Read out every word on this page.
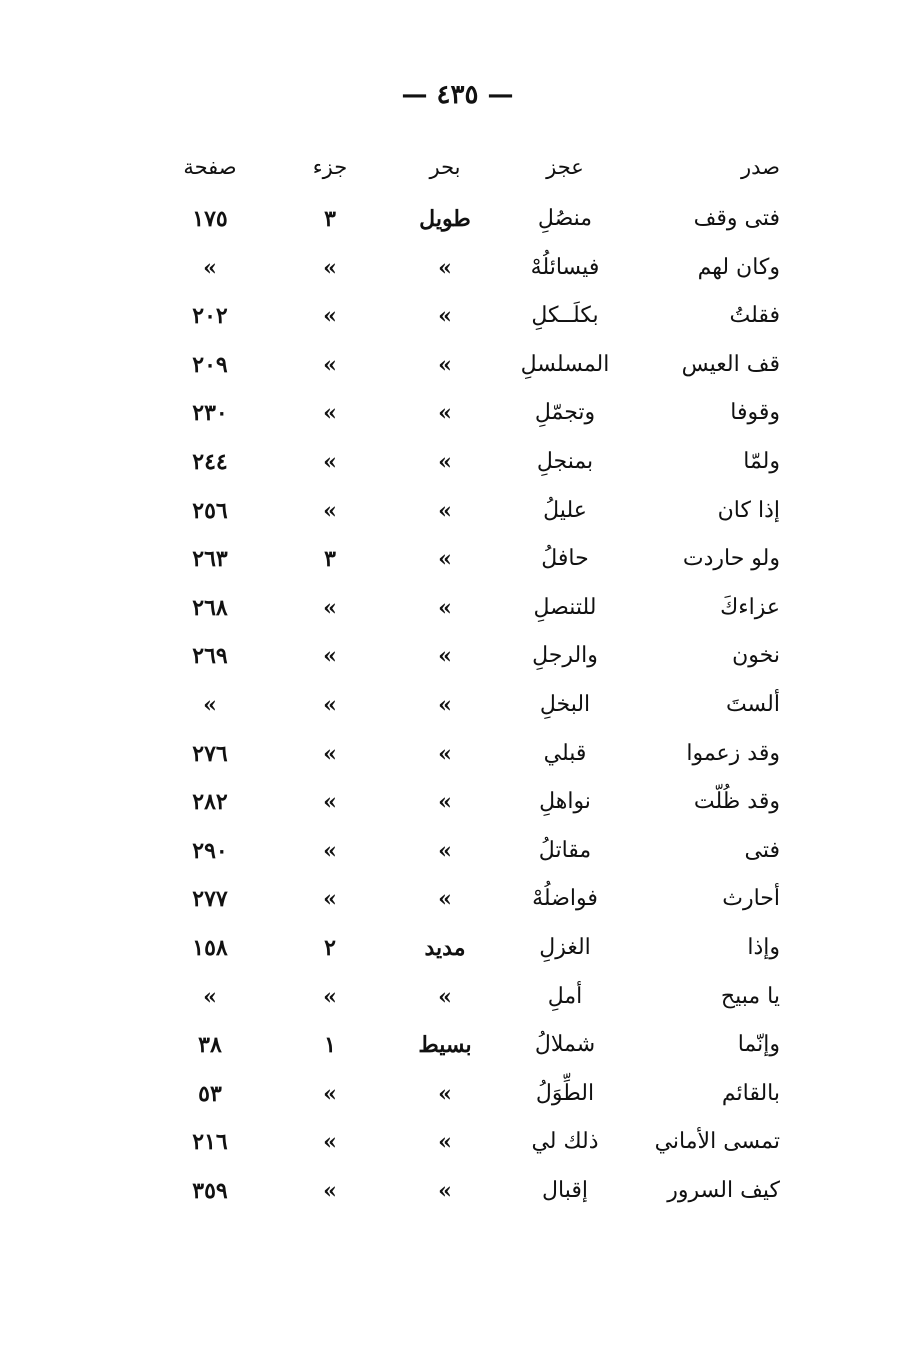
— ٤٣٥ —
صدر
عجز
بحر
جزء
صفحة
فتى وقف
منصُلِ
طويل
٣
١٧٥
وكان لهم
فيسائلُهْ
»
»
»
فقلتُ
بكلَــكلِ
»
»
٢٠٢
قف العيس
المسلسلِ
»
»
٢٠٩
وقوفا
وتجمّلِ
»
»
٢٣٠
ولمّا
بمنجلِ
»
»
٢٤٤
إذا كان
عليلُ
»
»
٢٥٦
ولو حاردت
حافلُ
»
٣
٢٦٣
عزاءكَ
للتنصلِ
»
»
٢٦٨
نخون
والرجلِ
»
»
٢٦٩
ألستَ
البخلِ
»
»
»
وقد زعموا
قبلي
»
»
٢٧٦
وقد ظُلّت
نواهلِ
»
»
٢٨٢
فتى
مقاتلُ
»
»
٢٩٠
أحارث
فواضلُهْ
»
»
٢٧٧
وإذا
الغزلِ
مديد
٢
١٥٨
يا مبيح
أملِ
»
»
»
وإنّما
شملالُ
بسيط
١
٣٨
بالقائم
الطِّوَلُ
»
»
٥٣
تمسى الأماني
ذلك لي
»
»
٢١٦
كيف السرور
إقبال
»
»
٣٥٩
